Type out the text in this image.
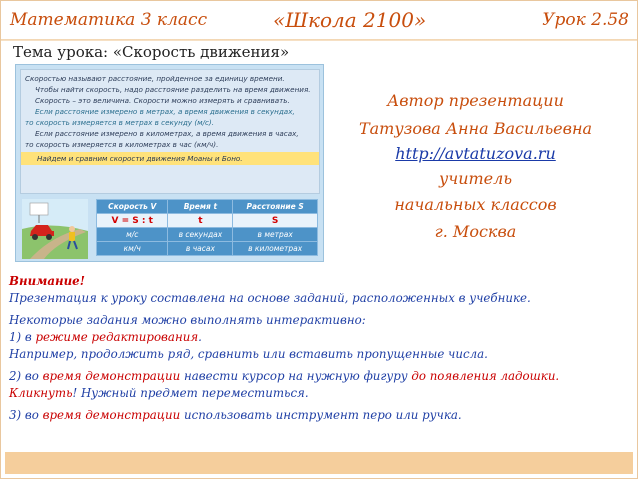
Математика 3 класс	«Школа 2100»	Урок 2.58
Тема урока: «Скорость движения»

Скоростью называют расстояние, пройденное за единицу времени.

Чтобы найти скорость, надо расстояние разделить на время движения.

Скорость – это величина. Скорости можно измерять и сравнивать.

Если расстояние измерено в метрах, а время движения в секундах,

то скорость измеряется в метрах в секунду (м/с).

Если расстояние измерено в километрах, а время движения в часах,

то скорость измеряется в километрах в час (км/ч).

Найдем и сравним скорости движения Моаны и Боно.

Скорость V	Время t	Расстояние S
V = S : t	t	S
м/с	в секундах	в метрах
км/ч	в часах	в километрах
Автор презентации
Татузова Анна Васильевна
http://avtatuzova.ru
учитель
начальных классов
г. Москва
Внимание!
Презентация к уроку составлена на основе заданий, расположенных в учебнике.
Некоторые задания можно выполнять интерактивно:
1) в режиме редактирования.
Например, продолжить ряд, сравнить или вставить пропущенные числа.
2) во время демонстрации навести курсор на нужную фигуру до появления ладошки.
Кликнуть! Нужный предмет переместиться.
3) во время демонстрации использовать инструмент перо или ручка.
